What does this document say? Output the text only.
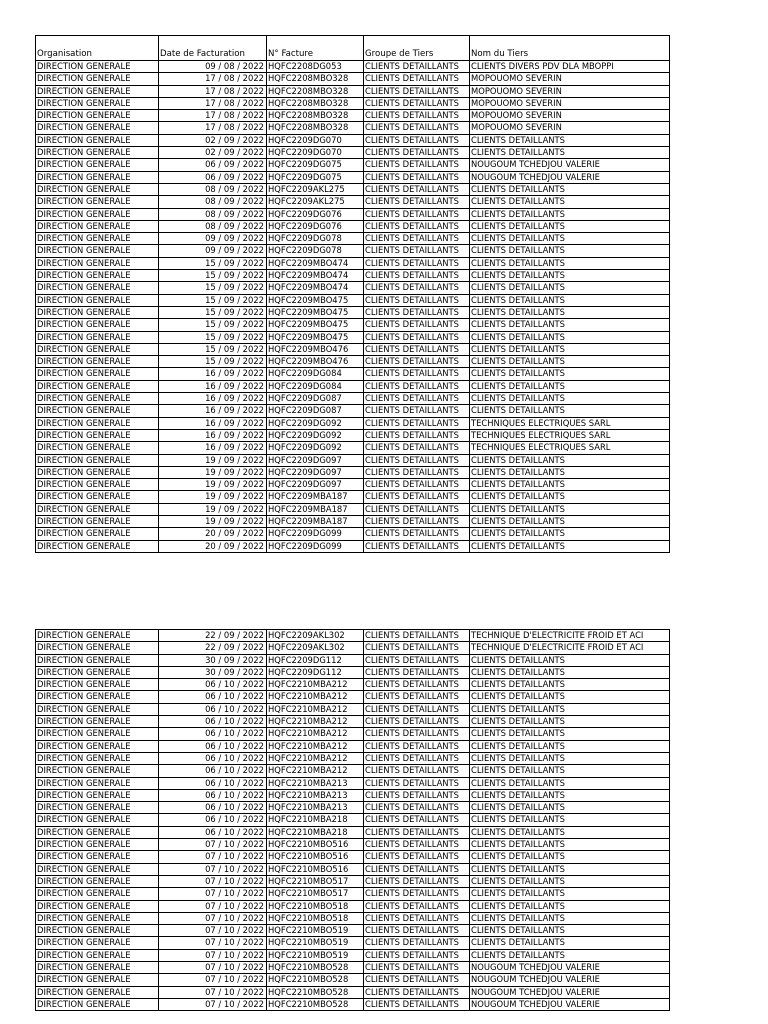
Organisation	Date de Facturation	N° Facture	Groupe de Tiers	Nom du Tiers
DIRECTION GENERALE	09 / 08 / 2022	HQFC2208DG053	CLIENTS DETAILLANTS	CLIENTS DIVERS PDV DLA MBOPPI
DIRECTION GENERALE	17 / 08 / 2022	HQFC2208MBO328	CLIENTS DETAILLANTS	MOPOUOMO SEVERIN
DIRECTION GENERALE	17 / 08 / 2022	HQFC2208MBO328	CLIENTS DETAILLANTS	MOPOUOMO SEVERIN
DIRECTION GENERALE	17 / 08 / 2022	HQFC2208MBO328	CLIENTS DETAILLANTS	MOPOUOMO SEVERIN
DIRECTION GENERALE	17 / 08 / 2022	HQFC2208MBO328	CLIENTS DETAILLANTS	MOPOUOMO SEVERIN
DIRECTION GENERALE	17 / 08 / 2022	HQFC2208MBO328	CLIENTS DETAILLANTS	MOPOUOMO SEVERIN
DIRECTION GENERALE	02 / 09 / 2022	HQFC2209DG070	CLIENTS DETAILLANTS	CLIENTS DETAILLANTS
DIRECTION GENERALE	02 / 09 / 2022	HQFC2209DG070	CLIENTS DETAILLANTS	CLIENTS DETAILLANTS
DIRECTION GENERALE	06 / 09 / 2022	HQFC2209DG075	CLIENTS DETAILLANTS	NOUGOUM TCHEDJOU VALERIE
DIRECTION GENERALE	06 / 09 / 2022	HQFC2209DG075	CLIENTS DETAILLANTS	NOUGOUM TCHEDJOU VALERIE
DIRECTION GENERALE	08 / 09 / 2022	HQFC2209AKL275	CLIENTS DETAILLANTS	CLIENTS DETAILLANTS
DIRECTION GENERALE	08 / 09 / 2022	HQFC2209AKL275	CLIENTS DETAILLANTS	CLIENTS DETAILLANTS
DIRECTION GENERALE	08 / 09 / 2022	HQFC2209DG076	CLIENTS DETAILLANTS	CLIENTS DETAILLANTS
DIRECTION GENERALE	08 / 09 / 2022	HQFC2209DG076	CLIENTS DETAILLANTS	CLIENTS DETAILLANTS
DIRECTION GENERALE	09 / 09 / 2022	HQFC2209DG078	CLIENTS DETAILLANTS	CLIENTS DETAILLANTS
DIRECTION GENERALE	09 / 09 / 2022	HQFC2209DG078	CLIENTS DETAILLANTS	CLIENTS DETAILLANTS
DIRECTION GENERALE	15 / 09 / 2022	HQFC2209MBO474	CLIENTS DETAILLANTS	CLIENTS DETAILLANTS
DIRECTION GENERALE	15 / 09 / 2022	HQFC2209MBO474	CLIENTS DETAILLANTS	CLIENTS DETAILLANTS
DIRECTION GENERALE	15 / 09 / 2022	HQFC2209MBO474	CLIENTS DETAILLANTS	CLIENTS DETAILLANTS
DIRECTION GENERALE	15 / 09 / 2022	HQFC2209MBO475	CLIENTS DETAILLANTS	CLIENTS DETAILLANTS
DIRECTION GENERALE	15 / 09 / 2022	HQFC2209MBO475	CLIENTS DETAILLANTS	CLIENTS DETAILLANTS
DIRECTION GENERALE	15 / 09 / 2022	HQFC2209MBO475	CLIENTS DETAILLANTS	CLIENTS DETAILLANTS
DIRECTION GENERALE	15 / 09 / 2022	HQFC2209MBO475	CLIENTS DETAILLANTS	CLIENTS DETAILLANTS
DIRECTION GENERALE	15 / 09 / 2022	HQFC2209MBO476	CLIENTS DETAILLANTS	CLIENTS DETAILLANTS
DIRECTION GENERALE	15 / 09 / 2022	HQFC2209MBO476	CLIENTS DETAILLANTS	CLIENTS DETAILLANTS
DIRECTION GENERALE	16 / 09 / 2022	HQFC2209DG084	CLIENTS DETAILLANTS	CLIENTS DETAILLANTS
DIRECTION GENERALE	16 / 09 / 2022	HQFC2209DG084	CLIENTS DETAILLANTS	CLIENTS DETAILLANTS
DIRECTION GENERALE	16 / 09 / 2022	HQFC2209DG087	CLIENTS DETAILLANTS	CLIENTS DETAILLANTS
DIRECTION GENERALE	16 / 09 / 2022	HQFC2209DG087	CLIENTS DETAILLANTS	CLIENTS DETAILLANTS
DIRECTION GENERALE	16 / 09 / 2022	HQFC2209DG092	CLIENTS DETAILLANTS	TECHNIQUES ELECTRIQUES SARL
DIRECTION GENERALE	16 / 09 / 2022	HQFC2209DG092	CLIENTS DETAILLANTS	TECHNIQUES ELECTRIQUES SARL
DIRECTION GENERALE	16 / 09 / 2022	HQFC2209DG092	CLIENTS DETAILLANTS	TECHNIQUES ELECTRIQUES SARL
DIRECTION GENERALE	19 / 09 / 2022	HQFC2209DG097	CLIENTS DETAILLANTS	CLIENTS DETAILLANTS
DIRECTION GENERALE	19 / 09 / 2022	HQFC2209DG097	CLIENTS DETAILLANTS	CLIENTS DETAILLANTS
DIRECTION GENERALE	19 / 09 / 2022	HQFC2209DG097	CLIENTS DETAILLANTS	CLIENTS DETAILLANTS
DIRECTION GENERALE	19 / 09 / 2022	HQFC2209MBA187	CLIENTS DETAILLANTS	CLIENTS DETAILLANTS
DIRECTION GENERALE	19 / 09 / 2022	HQFC2209MBA187	CLIENTS DETAILLANTS	CLIENTS DETAILLANTS
DIRECTION GENERALE	19 / 09 / 2022	HQFC2209MBA187	CLIENTS DETAILLANTS	CLIENTS DETAILLANTS
DIRECTION GENERALE	20 / 09 / 2022	HQFC2209DG099	CLIENTS DETAILLANTS	CLIENTS DETAILLANTS
DIRECTION GENERALE	20 / 09 / 2022	HQFC2209DG099	CLIENTS DETAILLANTS	CLIENTS DETAILLANTS
DIRECTION GENERALE	22 / 09 / 2022	HQFC2209AKL302	CLIENTS DETAILLANTS	TECHNIQUE D'ELECTRICITE FROID ET ACI
DIRECTION GENERALE	22 / 09 / 2022	HQFC2209AKL302	CLIENTS DETAILLANTS	TECHNIQUE D'ELECTRICITE FROID ET ACI
DIRECTION GENERALE	30 / 09 / 2022	HQFC2209DG112	CLIENTS DETAILLANTS	CLIENTS DETAILLANTS
DIRECTION GENERALE	30 / 09 / 2022	HQFC2209DG112	CLIENTS DETAILLANTS	CLIENTS DETAILLANTS
DIRECTION GENERALE	06 / 10 / 2022	HQFC2210MBA212	CLIENTS DETAILLANTS	CLIENTS DETAILLANTS
DIRECTION GENERALE	06 / 10 / 2022	HQFC2210MBA212	CLIENTS DETAILLANTS	CLIENTS DETAILLANTS
DIRECTION GENERALE	06 / 10 / 2022	HQFC2210MBA212	CLIENTS DETAILLANTS	CLIENTS DETAILLANTS
DIRECTION GENERALE	06 / 10 / 2022	HQFC2210MBA212	CLIENTS DETAILLANTS	CLIENTS DETAILLANTS
DIRECTION GENERALE	06 / 10 / 2022	HQFC2210MBA212	CLIENTS DETAILLANTS	CLIENTS DETAILLANTS
DIRECTION GENERALE	06 / 10 / 2022	HQFC2210MBA212	CLIENTS DETAILLANTS	CLIENTS DETAILLANTS
DIRECTION GENERALE	06 / 10 / 2022	HQFC2210MBA212	CLIENTS DETAILLANTS	CLIENTS DETAILLANTS
DIRECTION GENERALE	06 / 10 / 2022	HQFC2210MBA212	CLIENTS DETAILLANTS	CLIENTS DETAILLANTS
DIRECTION GENERALE	06 / 10 / 2022	HQFC2210MBA213	CLIENTS DETAILLANTS	CLIENTS DETAILLANTS
DIRECTION GENERALE	06 / 10 / 2022	HQFC2210MBA213	CLIENTS DETAILLANTS	CLIENTS DETAILLANTS
DIRECTION GENERALE	06 / 10 / 2022	HQFC2210MBA213	CLIENTS DETAILLANTS	CLIENTS DETAILLANTS
DIRECTION GENERALE	06 / 10 / 2022	HQFC2210MBA218	CLIENTS DETAILLANTS	CLIENTS DETAILLANTS
DIRECTION GENERALE	06 / 10 / 2022	HQFC2210MBA218	CLIENTS DETAILLANTS	CLIENTS DETAILLANTS
DIRECTION GENERALE	07 / 10 / 2022	HQFC2210MBO516	CLIENTS DETAILLANTS	CLIENTS DETAILLANTS
DIRECTION GENERALE	07 / 10 / 2022	HQFC2210MBO516	CLIENTS DETAILLANTS	CLIENTS DETAILLANTS
DIRECTION GENERALE	07 / 10 / 2022	HQFC2210MBO516	CLIENTS DETAILLANTS	CLIENTS DETAILLANTS
DIRECTION GENERALE	07 / 10 / 2022	HQFC2210MBO517	CLIENTS DETAILLANTS	CLIENTS DETAILLANTS
DIRECTION GENERALE	07 / 10 / 2022	HQFC2210MBO517	CLIENTS DETAILLANTS	CLIENTS DETAILLANTS
DIRECTION GENERALE	07 / 10 / 2022	HQFC2210MBO518	CLIENTS DETAILLANTS	CLIENTS DETAILLANTS
DIRECTION GENERALE	07 / 10 / 2022	HQFC2210MBO518	CLIENTS DETAILLANTS	CLIENTS DETAILLANTS
DIRECTION GENERALE	07 / 10 / 2022	HQFC2210MBO519	CLIENTS DETAILLANTS	CLIENTS DETAILLANTS
DIRECTION GENERALE	07 / 10 / 2022	HQFC2210MBO519	CLIENTS DETAILLANTS	CLIENTS DETAILLANTS
DIRECTION GENERALE	07 / 10 / 2022	HQFC2210MBO519	CLIENTS DETAILLANTS	CLIENTS DETAILLANTS
DIRECTION GENERALE	07 / 10 / 2022	HQFC2210MBO528	CLIENTS DETAILLANTS	NOUGOUM TCHEDJOU VALERIE
DIRECTION GENERALE	07 / 10 / 2022	HQFC2210MBO528	CLIENTS DETAILLANTS	NOUGOUM TCHEDJOU VALERIE
DIRECTION GENERALE	07 / 10 / 2022	HQFC2210MBO528	CLIENTS DETAILLANTS	NOUGOUM TCHEDJOU VALERIE
DIRECTION GENERALE	07 / 10 / 2022	HQFC2210MBO528	CLIENTS DETAILLANTS	NOUGOUM TCHEDJOU VALERIE
